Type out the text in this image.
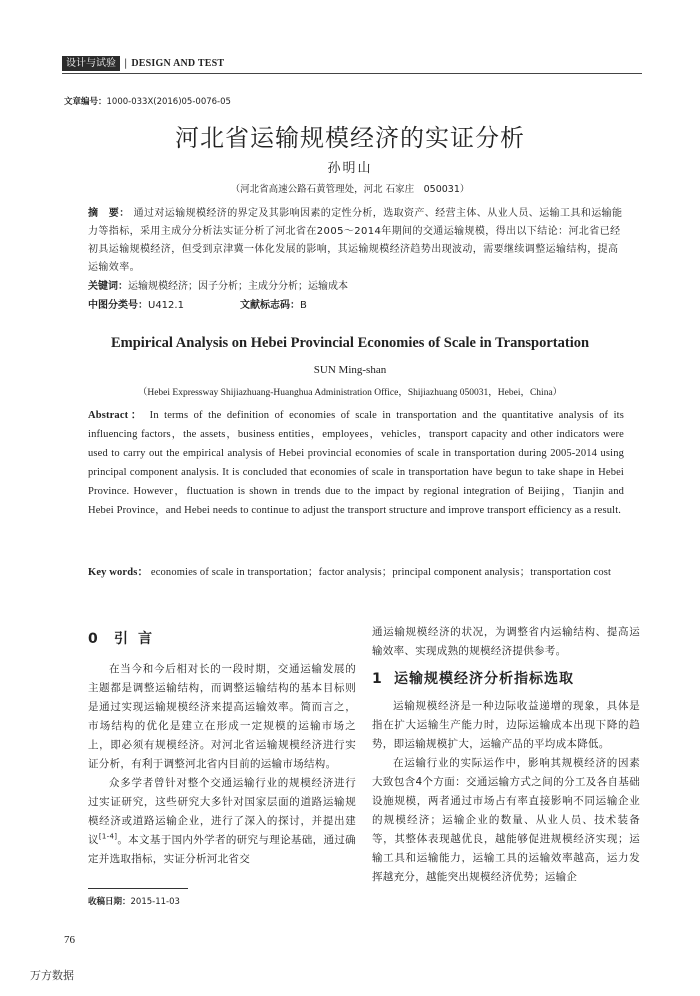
设计与试验 | DESIGN AND TEST
文章编号：1000-033X(2016)05-0076-05
河北省运输规模经济的实证分析
孙明山
（河北省高速公路石黄管理处，河北 石家庄　050031）
摘　要： 通过对运输规模经济的界定及其影响因素的定性分析，选取资产、经营主体、从业人员、运输工具和运输能力等指标，采用主成分分析法实证分析了河北省在2005～2014年期间的交通运输规模，得出以下结论：河北省已经初具运输规模经济，但受到京津冀一体化发展的影响，其运输规模经济趋势出现波动，需要继续调整运输结构，提高运输效率。
关键词：运输规模经济；因子分析；主成分分析；运输成本
中图分类号：U412.1	文献标志码：B
Empirical Analysis on Hebei Provincial Economies of Scale in Transportation
SUN Ming-shan
（Hebei Expressway Shijiazhuang-Huanghua Administration Office，Shijiazhuang 050031，Hebei，China）
Abstract： In terms of the definition of economies of scale in transportation and the quantitative analysis of its influencing factors，the assets，business entities，employees，vehicles，transport capacity and other indicators were used to carry out the empirical analysis of Hebei provincial economies of scale in transportation during 2005-2014 using principal component analysis. It is concluded that economies of scale in transportation have begun to take shape in Hebei Province. However，fluctuation is shown in trends due to the impact by regional integration of Beijing，Tianjin and Hebei Province，and Hebei needs to continue to adjust the transport structure and improve transport efficiency as a result.
Key words： economies of scale in transportation；factor analysis；principal component analysis；transportation cost
0 引言
在当今和今后相对长的一段时期，交通运输发展的主题都是调整运输结构，而调整运输结构的基本目标则是通过实现运输规模经济来提高运输效率。简而言之，市场结构的优化是建立在形成一定规模的运输市场之上，即必须有规模经济。对河北省运输规模经济进行实证分析，有利于调整河北省内目前的运输市场结构。
众多学者曾针对整个交通运输行业的规模经济进行过实证研究，这些研究大多针对国家层面的道路运输规模经济或道路运输企业，进行了深入的探讨，并提出建议[1-4]。本文基于国内外学者的研究与理论基础，通过确定并选取指标，实证分析河北省交
通运输规模经济的状况，为调整省内运输结构、提高运输效率、实现成熟的规模经济提供参考。
1 运输规模经济分析指标选取
运输规模经济是一种边际收益递增的现象，具体是指在扩大运输生产能力时，边际运输成本出现下降的趋势，即运输规模扩大，运输产品的平均成本降低。
在运输行业的实际运作中，影响其规模经济的因素大致包含4个方面：交通运输方式之间的分工及各自基础设施规模，两者通过市场占有率直接影响不同运输企业的规模经济；运输企业的数量、从业人员、技术装备等，其整体表现越优良，越能够促进规模经济实现；运输工具和运输能力，运输工具的运输效率越高，运力发挥越充分，越能突出规模经济优势；运输企
收稿日期：2015-11-03
76
万方数据
